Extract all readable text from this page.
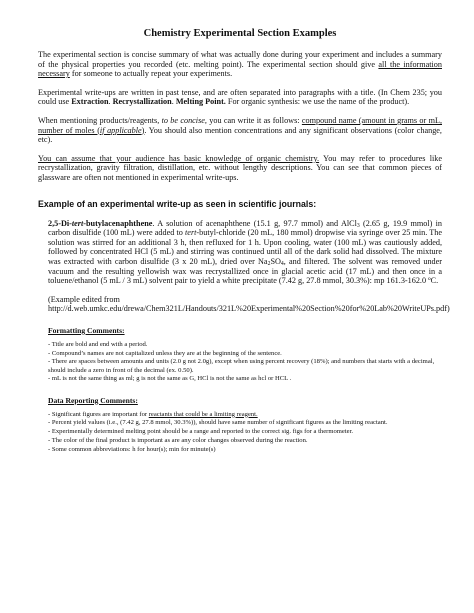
Chemistry Experimental Section Examples
The experimental section is concise summary of what was actually done during your experiment and includes a summary of the physical properties you recorded (etc. melting point). The experimental section should give all the information necessary for someone to actually repeat your experiments.
Experimental write-ups are written in past tense, and are often separated into paragraphs with a title. (In Chem 235; you could use Extraction. Recrystallization. Melting Point. For organic synthesis: we use the name of the product).
When mentioning products/reagents, to be concise, you can write it as follows: compound name (amount in grams or mL, number of moles (if applicable). You should also mention concentrations and any significant observations (color change, etc).
You can assume that your audience has basic knowledge of organic chemistry. You may refer to procedures like recrystallization, gravity filtration, distillation, etc. without lengthy descriptions. You can see that common pieces of glassware are often not mentioned in experimental write-ups.
Example of an experimental write-up as seen in scientific journals:
2,5-Di-tert-butylacenaphthene. A solution of acenaphthene (15.1 g, 97.7 mmol) and AlCl$_3$ (2.65 g, 19.9 mmol) in carbon disulfide (100 mL) were added to tert-butyl-chloride (20 mL, 180 mmol) dropwise via syringe over 25 min. The solution was stirred for an additional 3 h, then refluxed for 1 h. Upon cooling, water (100 mL) was cautiously added, followed by concentrated HCl (5 mL) and stirring was continued until all of the dark solid had dissolved. The mixture was extracted with carbon disulfide (3 x 20 mL), dried over $Na_2SO_4$, and filtered. The solvent was removed under vacuum and the resulting yellowish wax was recrystallized once in glacial acetic acid (17 mL) and then once in a toluene/ethanol (5 mL / 3 mL) solvent pair to yield a white precipitate (7.42 g, 27.8 mmol, 30.3%): mp 161.3-162.0 ºC.
(Example edited from http://d.web.umkc.edu/drewa/Chem321L/Handouts/321L%20Experimental%20Section%20for%20Lab%20WriteUPs.pdf)
Formatting Comments:
- Title are bold and end with a period.
- Compound’s names are not capitalized unless they are at the beginning of the sentence.
- There are spaces between amounts and units (2.0 g not 2.0g), except when using percent recovery (18%); and numbers that starts with a decimal, should include a zero in front of the decimal (ex. 0.50).
- mL is not the same thing as ml; g is not the same as G, HCl is not the same as hcl or HCL .
Data Reporting Comments:
- Significant figures are important for reactants that could be a limiting reagent.
- Percent yield values (i.e., (7.42 g, 27.8 mmol, 30.3%)), should have same number of significant figures as the limiting reactant.
- Experimentally determined melting point should be a range and reported to the correct sig. figs for a thermometer.
- The color of the final product is important as are any color changes observed during the reaction.
- Some common abbreviations: h for hour(s); min for minute(s)
